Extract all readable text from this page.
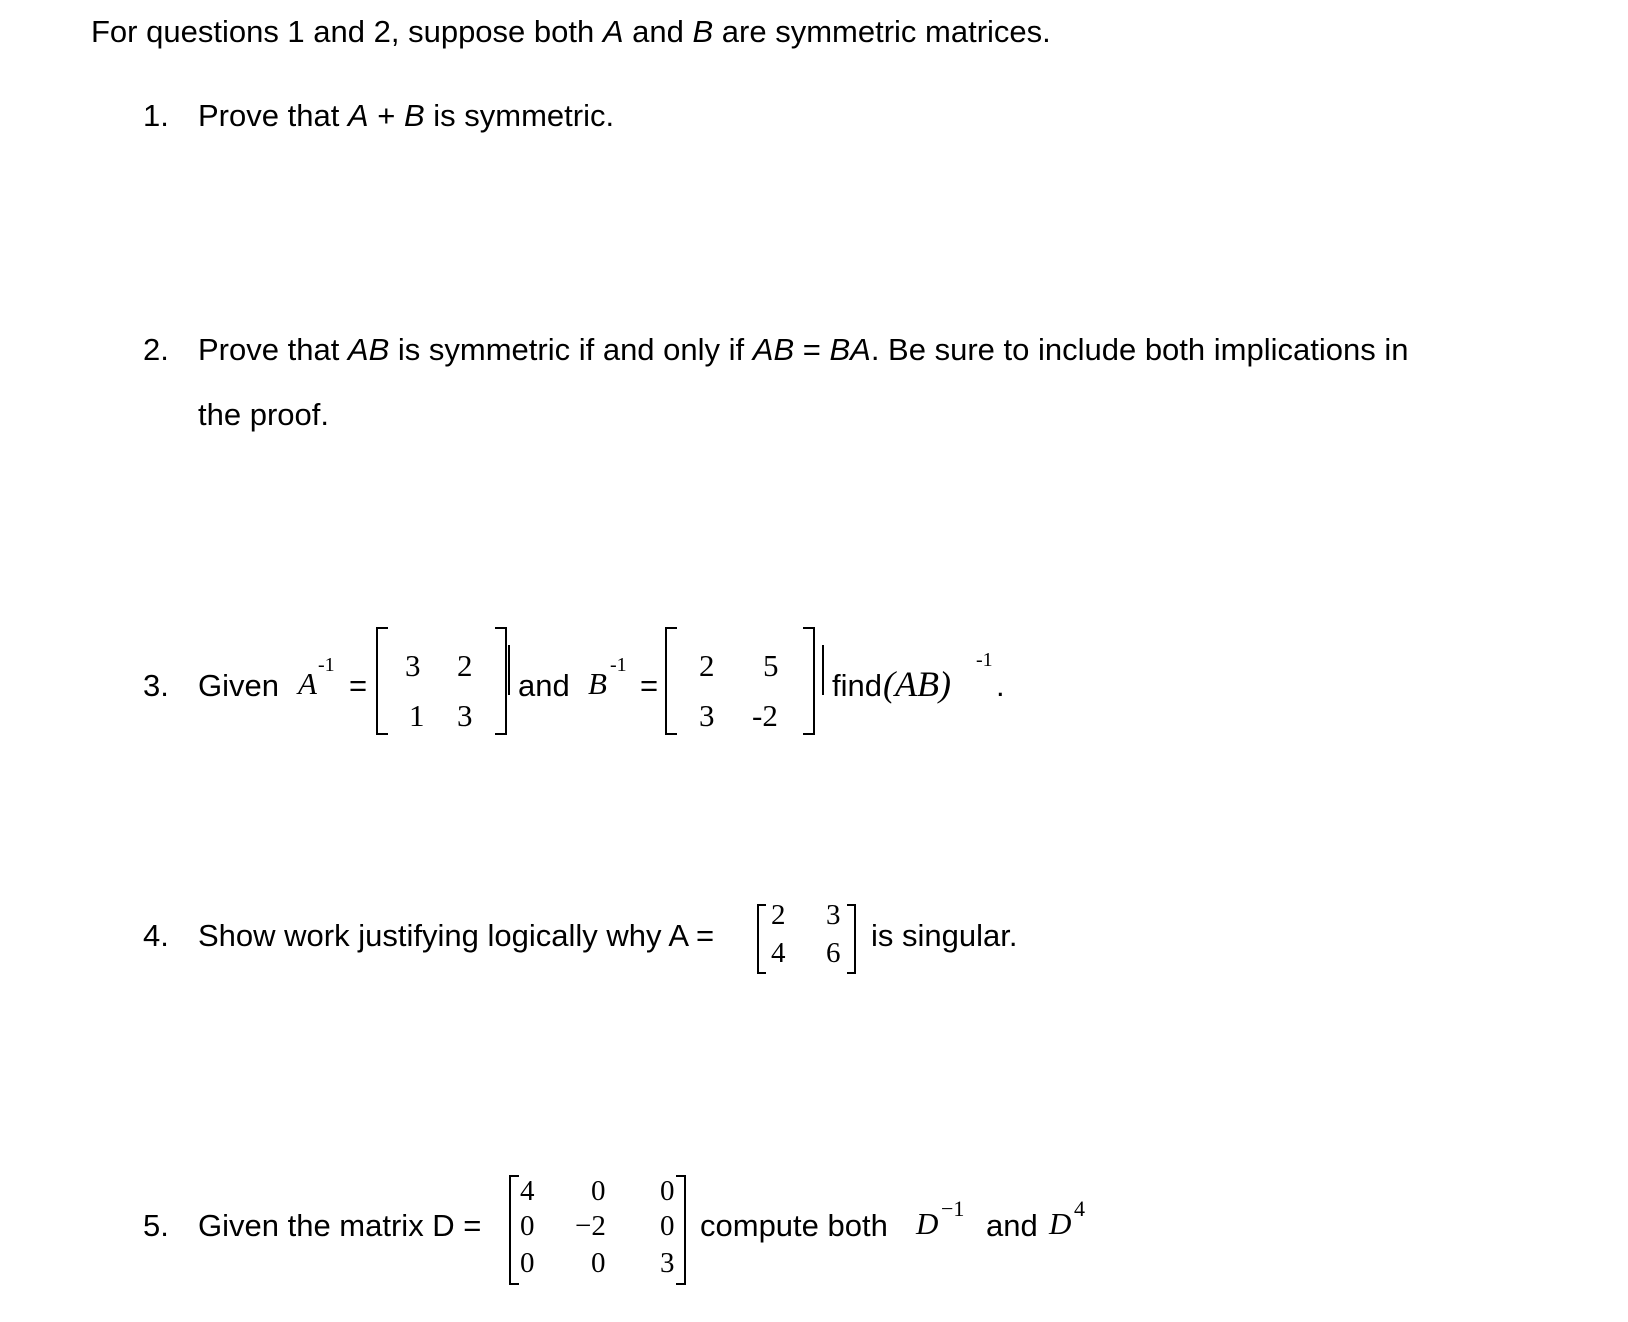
For questions 1 and 2, suppose both A and B are symmetric matrices.
1. Prove that A + B is symmetric.
2. Prove that AB is symmetric if and only if AB = BA. Be sure to include both implications in
the proof.
3. Given A
-1
=
3 2
1 3
and B
-1
=
2 5
3 -2
find (AB)
-1
.
4. Show work justifying logically why A =
2 3
4 6 is singular.
5. Given the matrix D =
4 0 0
0 −2 0
0 0 3
compute both D −1 and D 4
